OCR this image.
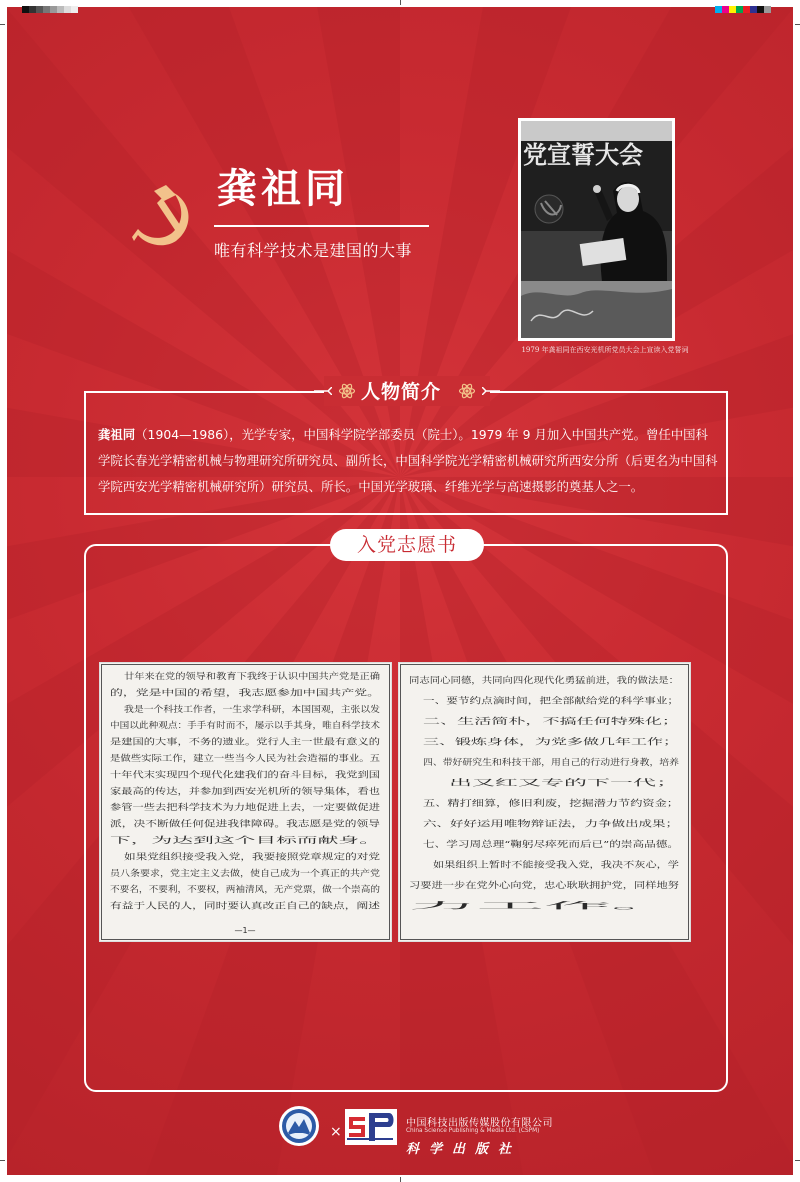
龚祖同
唯有科学技术是建国的大事
党宣誓大会
1979 年龚祖同在西安光机所党员大会上宣读入党誓词
人物简介
龚祖同（1904—1986），光学专家，中国科学院学部委员（院士）。1979 年 9 月加入中国共产党。曾任中国科学院长春光学精密机械与物理研究所研究员、副所长，中国科学院光学精密机械研究所西安分所（后更名为中国科学院西安光学精密机械研究所）研究员、所长。中国光学玻璃、纤维光学与高速摄影的奠基人之一。
入党志愿书
廿年来在党的领导和教育下我终于认识中国共产党是正确
的，党是中国的希望，我志愿参加中国共产党。
我是一个科技工作者，一生求学科研，本国国观，主张以发
中国以此种观点：手手有时而不，屡示以手其身，唯自科学技术
是建国的大事，不务的遗业。党行人主一世最有意义的
是做些实际工作，建立一些当今人民为社会造福的事业。五
十年代末实现四个现代化建我们的奋斗目标，我党到国
家最高的传达，并参加到西安光机所的领导集体，看也
参管一些去把科学技术为力地促进上去，一定要做促进
派，决不断做任何促进我律障碍。我志愿是党的领导
下，为达到这个目标而献身。
如果党组织接受我入党，我要接照党章规定的对党
员八条要求，党主定主义去做，使自己成为一个真正的共产党
不要名，不要利，不要权，两袖清风，无产党票，做一个崇高的
有益于人民的人，同时要认真改正自己的缺点，阐述
—1—
同志同心同德，共同向四化现代化勇猛前进，我的做法是：
一、要节约点滴时间，把全部献给党的科学事业；
二、生活简朴，不搞任何特殊化；
三、锻炼身体，为党多做几年工作；
四、带好研究生和科技干部，用自己的行动进行身教，培养
出又红又专的下一代；
五、精打细算，修旧利废，挖掘潜力节约资金；
六、好好运用唯物辩证法，力争做出成果；
七、学习周总理“鞠躬尽瘁死而后已”的崇高品德。
如果组织上暂时不能接受我入党，我决不灰心，学
习要进一步在党外心向党，忠心耿耿拥护党，同样地努
力工作。
×
中国科技出版传媒股份有限公司
China Science Publishing & Media Ltd. (CSPM)
科学出版社
